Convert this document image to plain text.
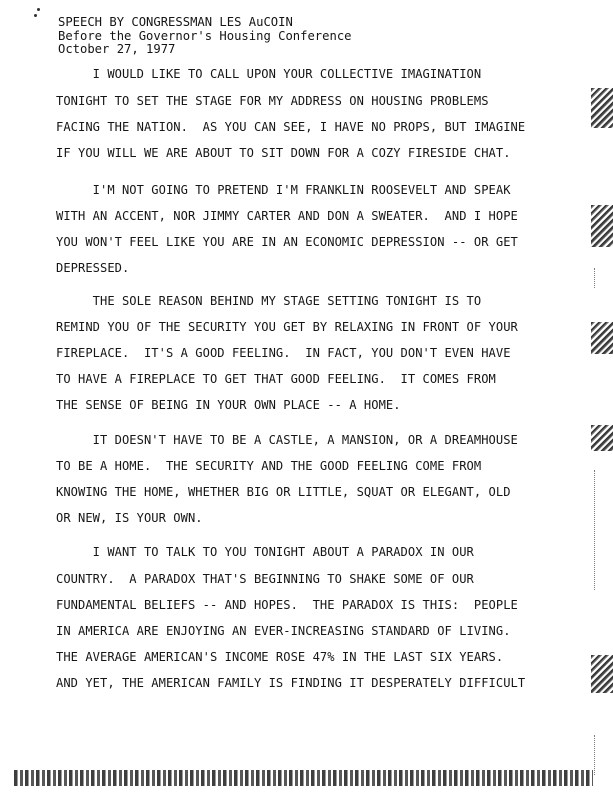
SPEECH BY CONGRESSMAN LES AuCOIN
Before the Governor's Housing Conference
October 27, 1977
I WOULD LIKE TO CALL UPON YOUR COLLECTIVE IMAGINATION
TONIGHT TO SET THE STAGE FOR MY ADDRESS ON HOUSING PROBLEMS
FACING THE NATION.  AS YOU CAN SEE, I HAVE NO PROPS, BUT IMAGINE
IF YOU WILL WE ARE ABOUT TO SIT DOWN FOR A COZY FIRESIDE CHAT.
I'M NOT GOING TO PRETEND I'M FRANKLIN ROOSEVELT AND SPEAK
WITH AN ACCENT, NOR JIMMY CARTER AND DON A SWEATER.  AND I HOPE
YOU WON'T FEEL LIKE YOU ARE IN AN ECONOMIC DEPRESSION -- OR GET
DEPRESSED.
THE SOLE REASON BEHIND MY STAGE SETTING TONIGHT IS TO
REMIND YOU OF THE SECURITY YOU GET BY RELAXING IN FRONT OF YOUR
FIREPLACE.  IT'S A GOOD FEELING.  IN FACT, YOU DON'T EVEN HAVE
TO HAVE A FIREPLACE TO GET THAT GOOD FEELING.  IT COMES FROM
THE SENSE OF BEING IN YOUR OWN PLACE -- A HOME.
IT DOESN'T HAVE TO BE A CASTLE, A MANSION, OR A DREAMHOUSE
TO BE A HOME.  THE SECURITY AND THE GOOD FEELING COME FROM
KNOWING THE HOME, WHETHER BIG OR LITTLE, SQUAT OR ELEGANT, OLD
OR NEW, IS YOUR OWN.
I WANT TO TALK TO YOU TONIGHT ABOUT A PARADOX IN OUR
COUNTRY.  A PARADOX THAT'S BEGINNING TO SHAKE SOME OF OUR
FUNDAMENTAL BELIEFS -- AND HOPES.  THE PARADOX IS THIS:  PEOPLE
IN AMERICA ARE ENJOYING AN EVER-INCREASING STANDARD OF LIVING.
THE AVERAGE AMERICAN'S INCOME ROSE 47% IN THE LAST SIX YEARS.
AND YET, THE AMERICAN FAMILY IS FINDING IT DESPERATELY DIFFICULT
